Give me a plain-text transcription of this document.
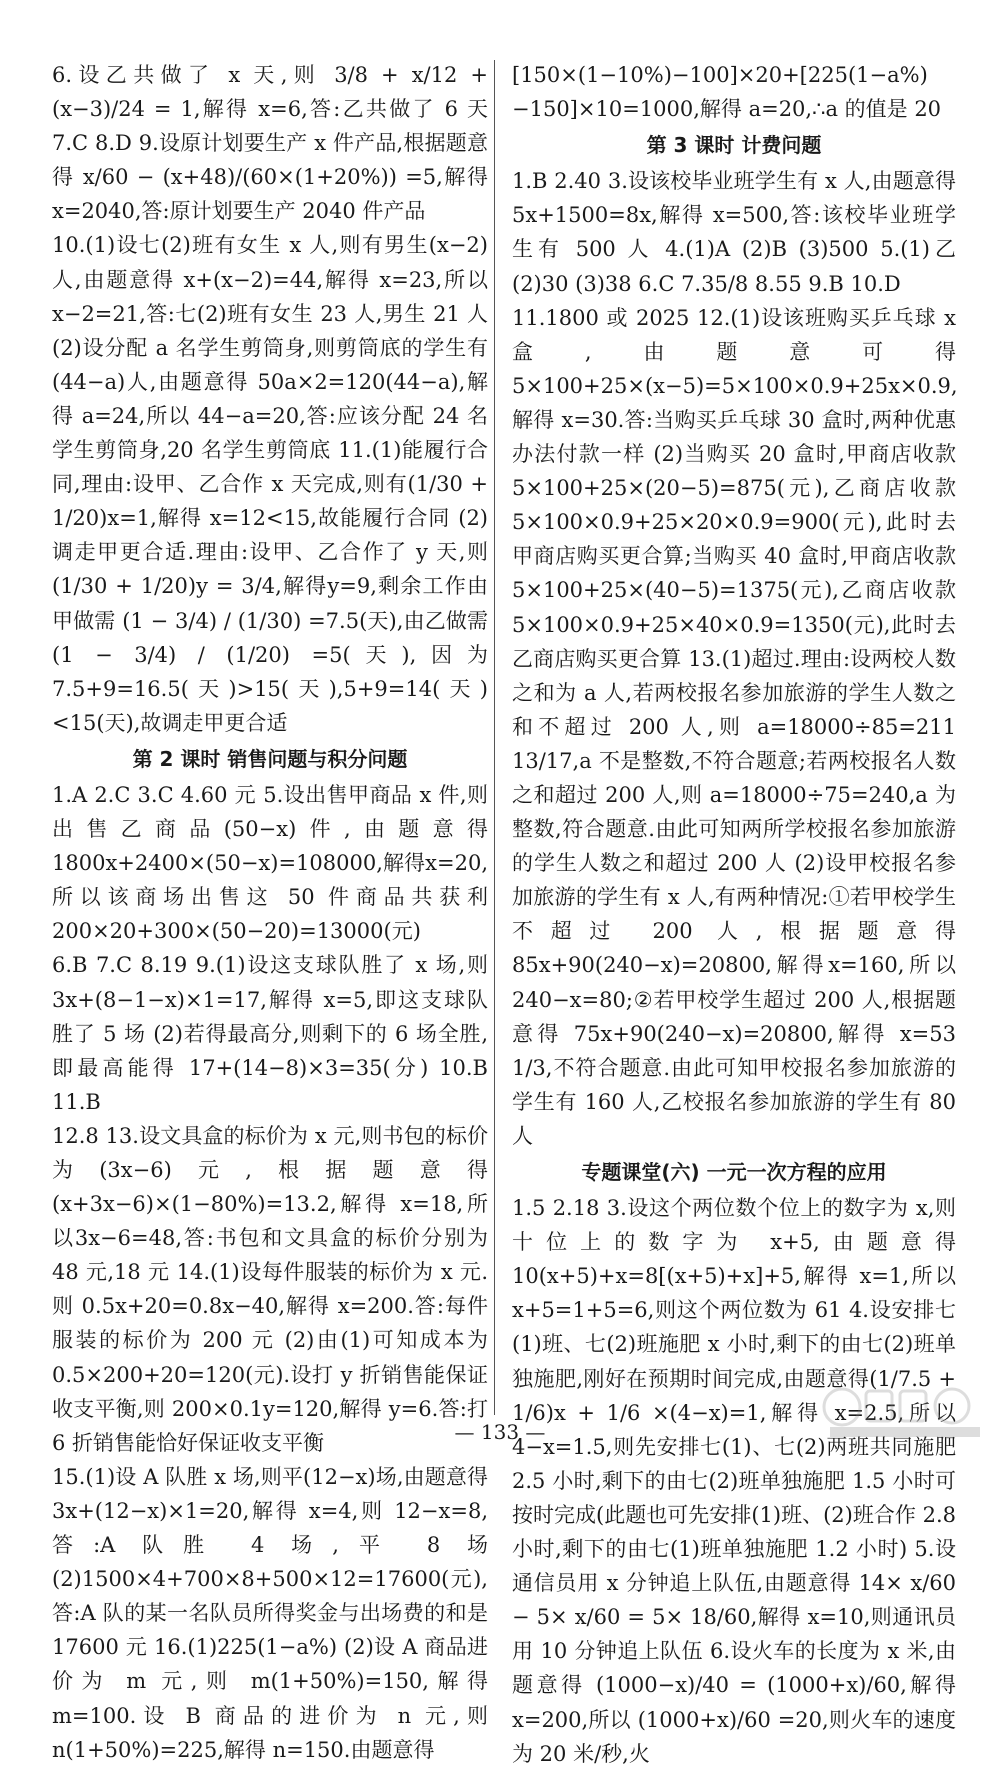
6.设乙共做了 x 天,则 3/8 + x/12 + (x−3)/24 = 1,解得 x=6,答:乙共做了 6 天 7.C 8.D 9.设原计划要生产 x 件产品,根据题意得 x/60 − (x+48)/(60×(1+20%)) =5,解得 x=2040,答:原计划要生产 2040 件产品

10.(1)设七(2)班有女生 x 人,则有男生(x−2)人,由题意得 x+(x−2)=44,解得 x=23,所以 x−2=21,答:七(2)班有女生 23 人,男生 21 人 (2)设分配 a 名学生剪筒身,则剪筒底的学生有(44−a)人,由题意得 50a×2=120(44−a),解得 a=24,所以 44−a=20,答:应该分配 24 名学生剪筒身,20 名学生剪筒底 11.(1)能履行合同,理由:设甲、乙合作 x 天完成,则有(1/30 + 1/20)x=1,解得 x=12<15,故能履行合同 (2)调走甲更合适.理由:设甲、乙合作了 y 天,则(1/30 + 1/20)y = 3/4,解得y=9,剩余工作由甲做需 (1 − 3/4) / (1/30) =7.5(天),由乙做需 (1 − 3/4) / (1/20) =5(天),因为 7.5+9=16.5(天)>15(天),5+9=14(天)<15(天),故调走甲更合适

第 2 课时 销售问题与积分问题

1.A 2.C 3.C 4.60 元 5.设出售甲商品 x 件,则出售乙商品(50−x)件,由题意得 1800x+2400×(50−x)=108000,解得x=20,所以该商场出售这 50 件商品共获利 200×20+300×(50−20)=13000(元)

6.B 7.C 8.19 9.(1)设这支球队胜了 x 场,则 3x+(8−1−x)×1=17,解得 x=5,即这支球队胜了 5 场 (2)若得最高分,则剩下的 6 场全胜,即最高能得 17+(14−8)×3=35(分) 10.B 11.B

12.8 13.设文具盒的标价为 x 元,则书包的标价为(3x−6)元,根据题意得(x+3x−6)×(1−80%)=13.2,解得 x=18,所以3x−6=48,答:书包和文具盒的标价分别为 48 元,18 元 14.(1)设每件服装的标价为 x 元.则 0.5x+20=0.8x−40,解得 x=200.答:每件服装的标价为 200 元 (2)由(1)可知成本为 0.5×200+20=120(元).设打 y 折销售能保证收支平衡,则 200×0.1y=120,解得 y=6.答:打 6 折销售能恰好保证收支平衡

15.(1)设 A 队胜 x 场,则平(12−x)场,由题意得 3x+(12−x)×1=20,解得 x=4,则 12−x=8,答:A 队胜 4 场,平 8 场 (2)1500×4+700×8+500×12=17600(元),答:A 队的某一名队员所得奖金与出场费的和是 17600 元 16.(1)225(1−a%) (2)设 A 商品进价为 m 元,则 m(1+50%)=150,解得 m=100.设 B 商品的进价为 n 元,则 n(1+50%)=225,解得 n=150.由题意得

[150×(1−10%)−100]×20+[225(1−a%)−150]×10=1000,解得 a=20,∴a 的值是 20

第 3 课时 计费问题

1.B 2.40 3.设该校毕业班学生有 x 人,由题意得 5x+1500=8x,解得 x=500,答:该校毕业班学生有 500 人 4.(1)A (2)B (3)500 5.(1)乙 (2)30 (3)38 6.C 7.35/8 8.55 9.B 10.D

11.1800 或 2025 12.(1)设该班购买乒乓球 x 盒,由题意可得 5×100+25×(x−5)=5×100×0.9+25x×0.9,解得 x=30.答:当购买乒乓球 30 盒时,两种优惠办法付款一样 (2)当购买 20 盒时,甲商店收款 5×100+25×(20−5)=875(元),乙商店收款 5×100×0.9+25×20×0.9=900(元),此时去甲商店购买更合算;当购买 40 盒时,甲商店收款 5×100+25×(40−5)=1375(元),乙商店收款 5×100×0.9+25×40×0.9=1350(元),此时去乙商店购买更合算 13.(1)超过.理由:设两校人数之和为 a 人,若两校报名参加旅游的学生人数之和不超过 200 人,则 a=18000÷85=211 13/17,a 不是整数,不符合题意;若两校报名人数之和超过 200 人,则 a=18000÷75=240,a 为整数,符合题意.由此可知两所学校报名参加旅游的学生人数之和超过 200 人 (2)设甲校报名参加旅游的学生有 x 人,有两种情况:①若甲校学生不超过 200 人,根据题意得 85x+90(240−x)=20800,解得x=160,所以 240−x=80;②若甲校学生超过 200 人,根据题意得 75x+90(240−x)=20800,解得 x=53 1/3,不符合题意.由此可知甲校报名参加旅游的学生有 160 人,乙校报名参加旅游的学生有 80 人

专题课堂(六) 一元一次方程的应用

1.5 2.18 3.设这个两位数个位上的数字为 x,则十位上的数字为 x+5,由题意得 10(x+5)+x=8[(x+5)+x]+5,解得 x=1,所以 x+5=1+5=6,则这个两位数为 61 4.设安排七(1)班、七(2)班施肥 x 小时,剩下的由七(2)班单独施肥,刚好在预期时间完成,由题意得(1/7.5 + 1/6)x + 1/6 ×(4−x)=1,解得 x=2.5,所以 4−x=1.5,则先安排七(1)、七(2)两班共同施肥 2.5 小时,剩下的由七(2)班单独施肥 1.5 小时可按时完成(此题也可先安排(1)班、(2)班合作 2.8 小时,剩下的由七(1)班单独施肥 1.2 小时) 5.设通信员用 x 分钟追上队伍,由题意得 14× x/60 − 5× x/60 = 5× 18/60,解得 x=10,则通讯员用 10 分钟追上队伍 6.设火车的长度为 x 米,由题意得 (1000−x)/40 = (1000+x)/60,解得 x=200,所以 (1000+x)/60 =20,则火车的速度为 20 米/秒,火

— 133 —
